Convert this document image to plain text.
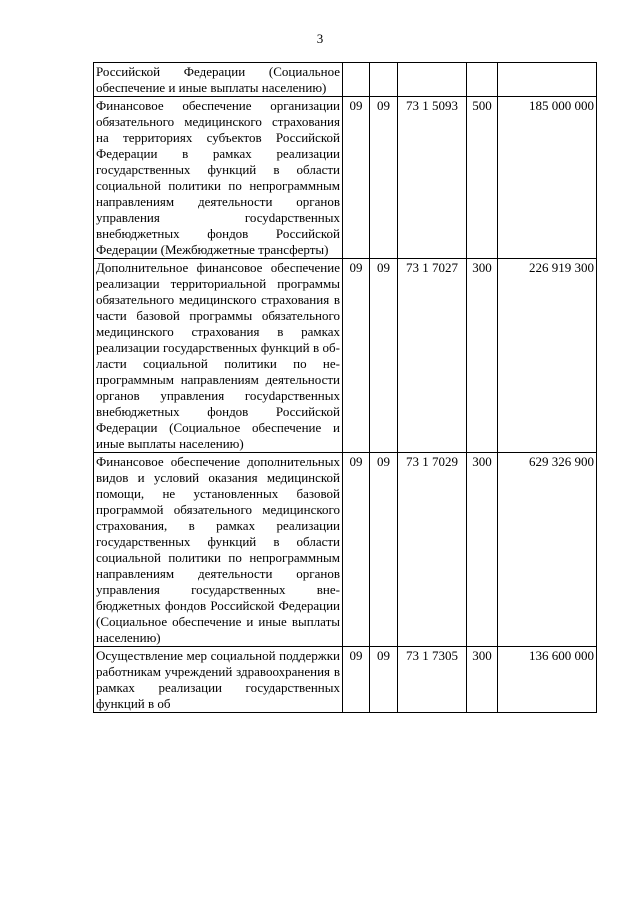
3
Российской Федерации (Социальное обеспечение и иные выплаты населению)					
Финансовое обеспечение организации обязательного медицинского страхования на территориях субъектов Российской Федерации в рамках реализации государственных функций в области социальной политики по непрограммным направлениям деятельности органов управления госуdарственных внебюджетных фондов Российской Федерации (Межбюджетные трансферты)	09	09	73 1 5093	500	185 000 000
Дополнительное финансовое обеспечение реализации территориальной программы обязательного медицинского страхования в части базовой программы обязательного медицинского страхования в рамках реализации государственных функций в области социальной политики по непрограммным направлениям деятельности органов управления госуdарственных внебюджетных фондов Российской Федерации (Социальное обеспечение и иные выплаты населению)	09	09	73 1 7027	300	226 919 300
Финансовое обеспечение дополнительных видов и условий оказания медицинской помощи, не установленных базовой программой обязательного медицинского страхования, в рамках реализации государственных функций в области социальной политики по непрограммным направлениям деятельности органов управления государственных внебюджетных фондов Российской Федерации (Социальное обеспечение и иные выплаты населению)	09	09	73 1 7029	300	629 326 900
Осуществление мер социальной поддержки работникам учреждений здравоохранения в рамках реализации государственных функций в об	09	09	73 1 7305	300	136 600 000
